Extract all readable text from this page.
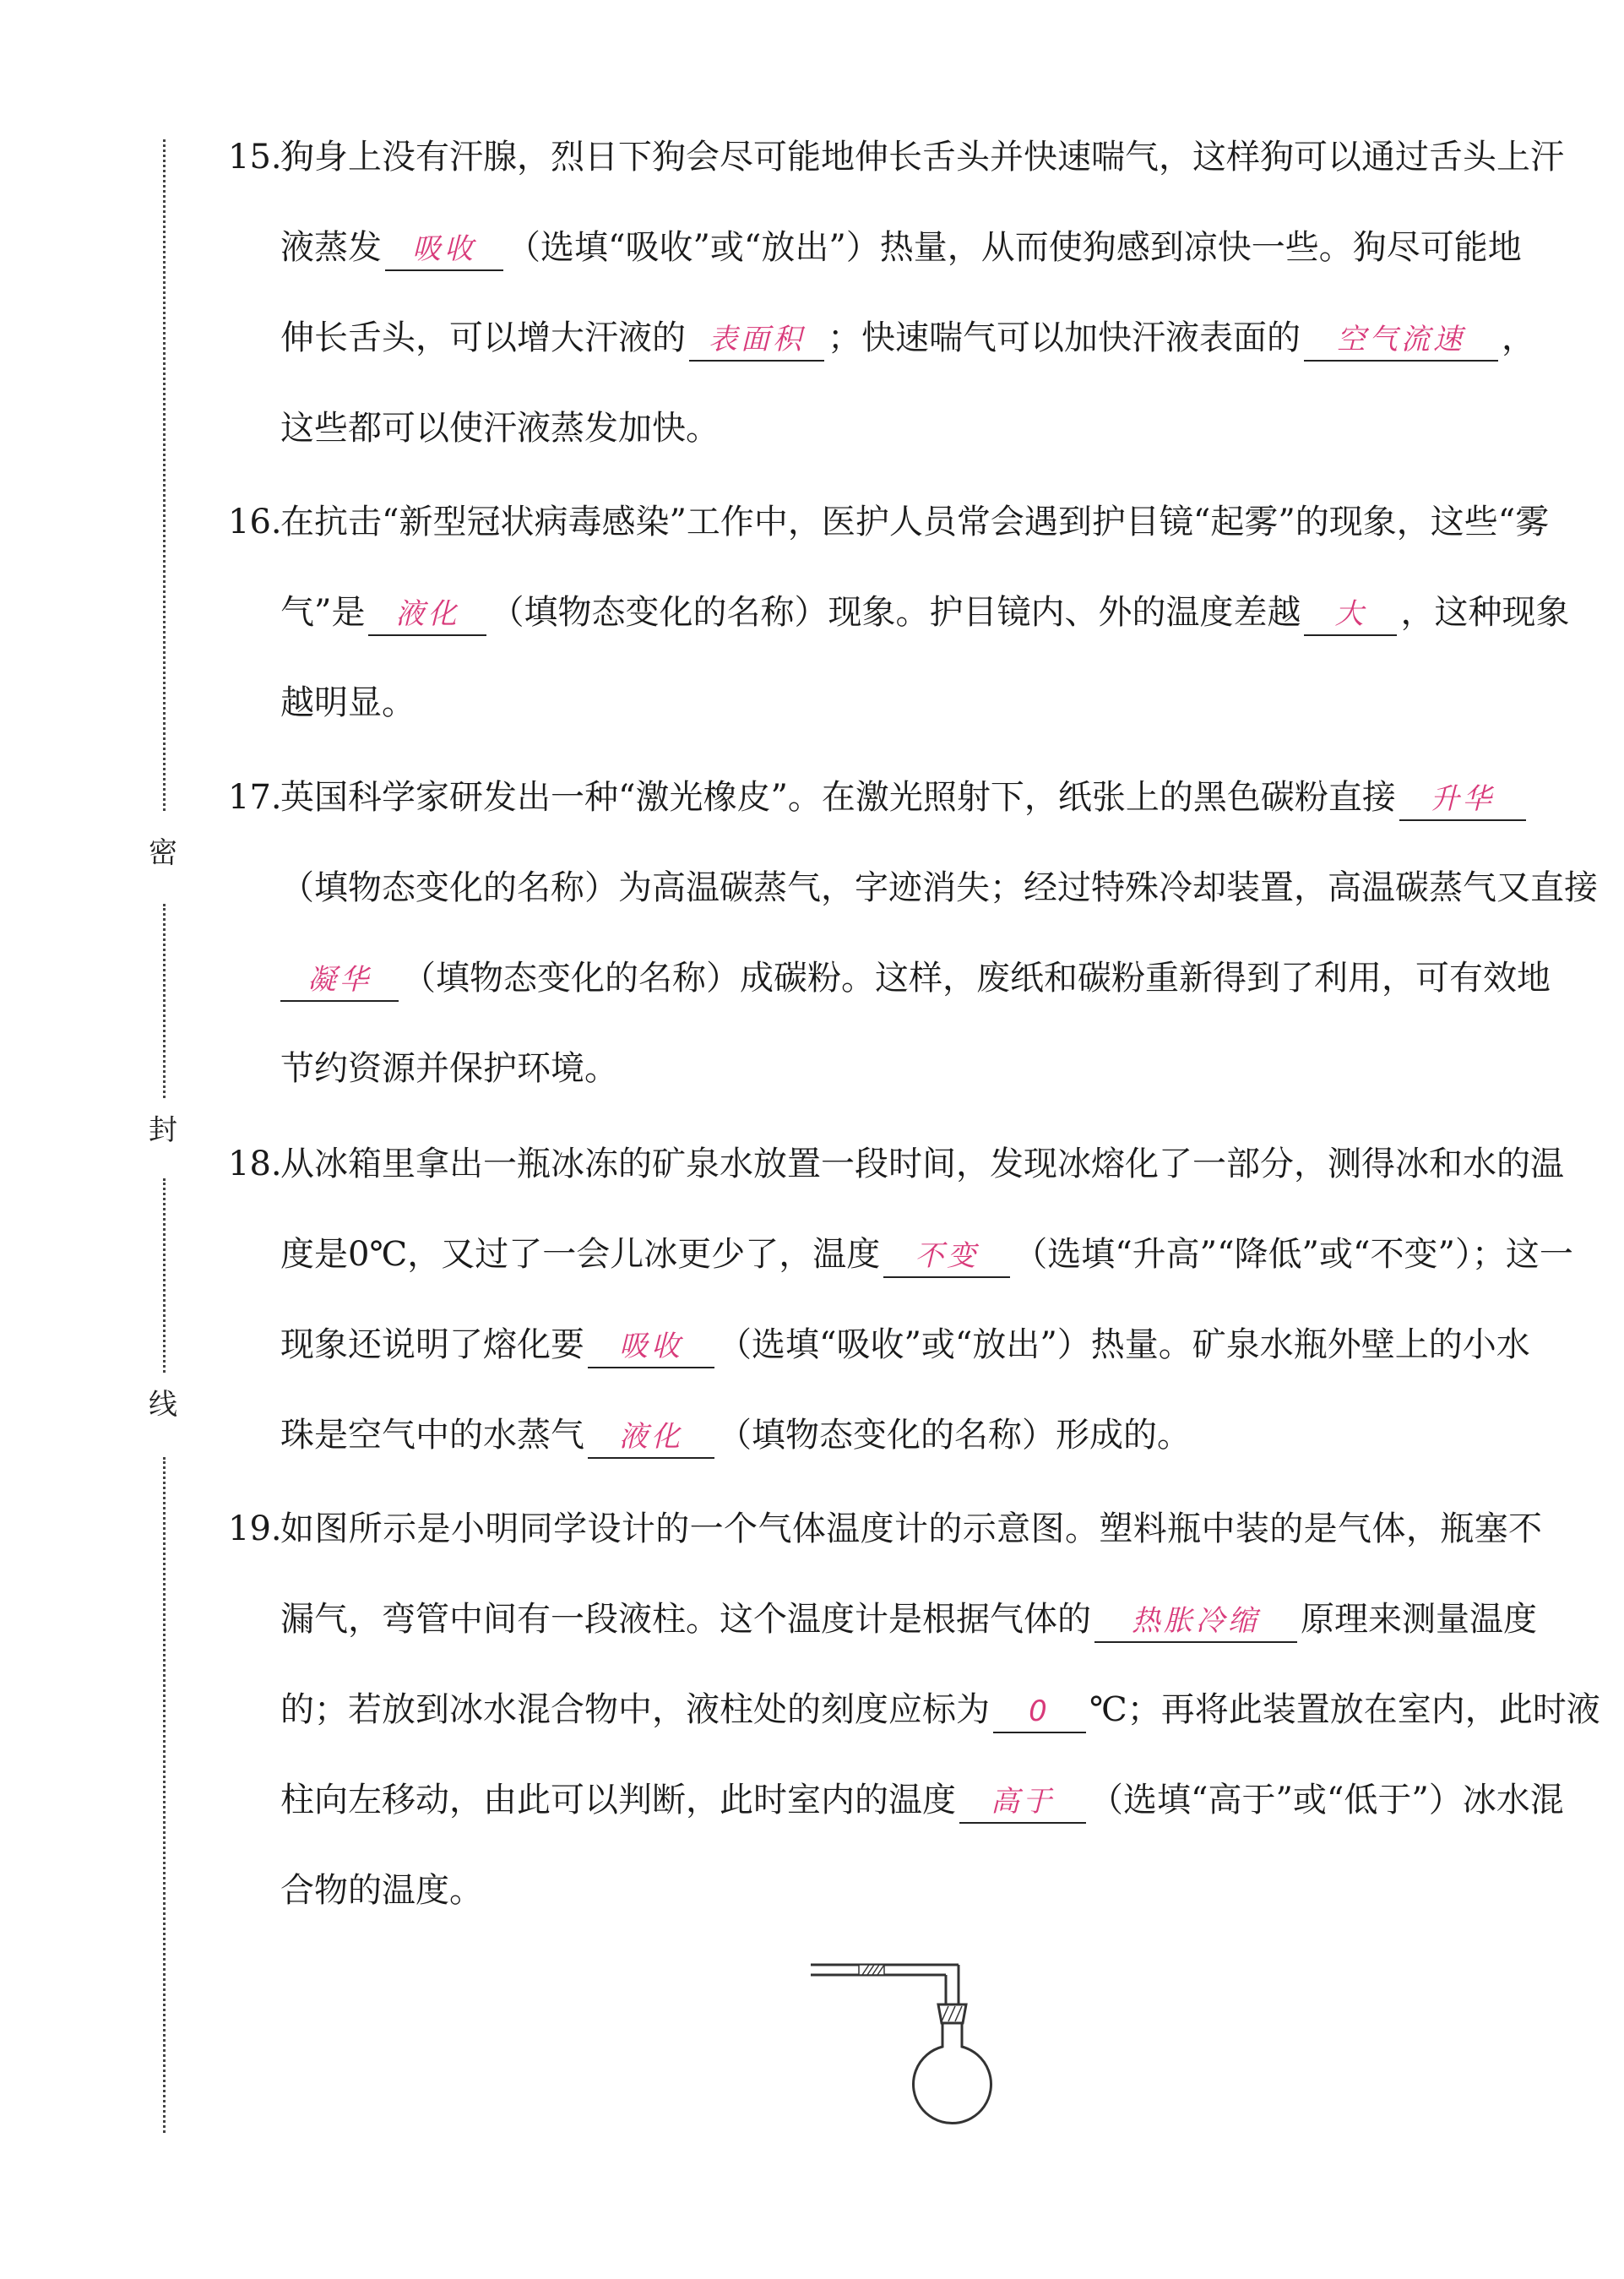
密
封
线
15.
狗身上没有汗腺，烈日下狗会尽可能地伸长舌头并快速喘气，这样狗可以通过舌头上汗
液蒸发 吸收 （选填“吸收”或“放出”）热量，从而使狗感到凉快一些。狗尽可能地
伸长舌头，可以增大汗液的 表面积 ；快速喘气可以加快汗液表面的 空气流速 ，
这些都可以使汗液蒸发加快。
16.
在抗击“新型冠状病毒感染”工作中，医护人员常会遇到护目镜“起雾”的现象，这些“雾
气”是 液化 （填物态变化的名称）现象。护目镜内、外的温度差越 大 ，这种现象
越明显。
17.
英国科学家研发出一种“激光橡皮”。在激光照射下，纸张上的黑色碳粉直接 升华
（填物态变化的名称）为高温碳蒸气，字迹消失；经过特殊冷却装置，高温碳蒸气又直接
凝华 （填物态变化的名称）成碳粉。这样，废纸和碳粉重新得到了利用，可有效地
节约资源并保护环境。
18.
从冰箱里拿出一瓶冰冻的矿泉水放置一段时间，发现冰熔化了一部分，测得冰和水的温
度是0℃，又过了一会儿冰更少了，温度 不变 （选填“升高”“降低”或“不变”）；这一
现象还说明了熔化要 吸收 （选填“吸收”或“放出”）热量。矿泉水瓶外壁上的小水
珠是空气中的水蒸气 液化 （填物态变化的名称）形成的。
19.
如图所示是小明同学设计的一个气体温度计的示意图。塑料瓶中装的是气体，瓶塞不
漏气，弯管中间有一段液柱。这个温度计是根据气体的 热胀冷缩 原理来测量温度
的；若放到冰水混合物中，液柱处的刻度应标为 0 ℃；再将此装置放在室内，此时液
柱向左移动，由此可以判断，此时室内的温度 高于 （选填“高于”或“低于”）冰水混
合物的温度。
